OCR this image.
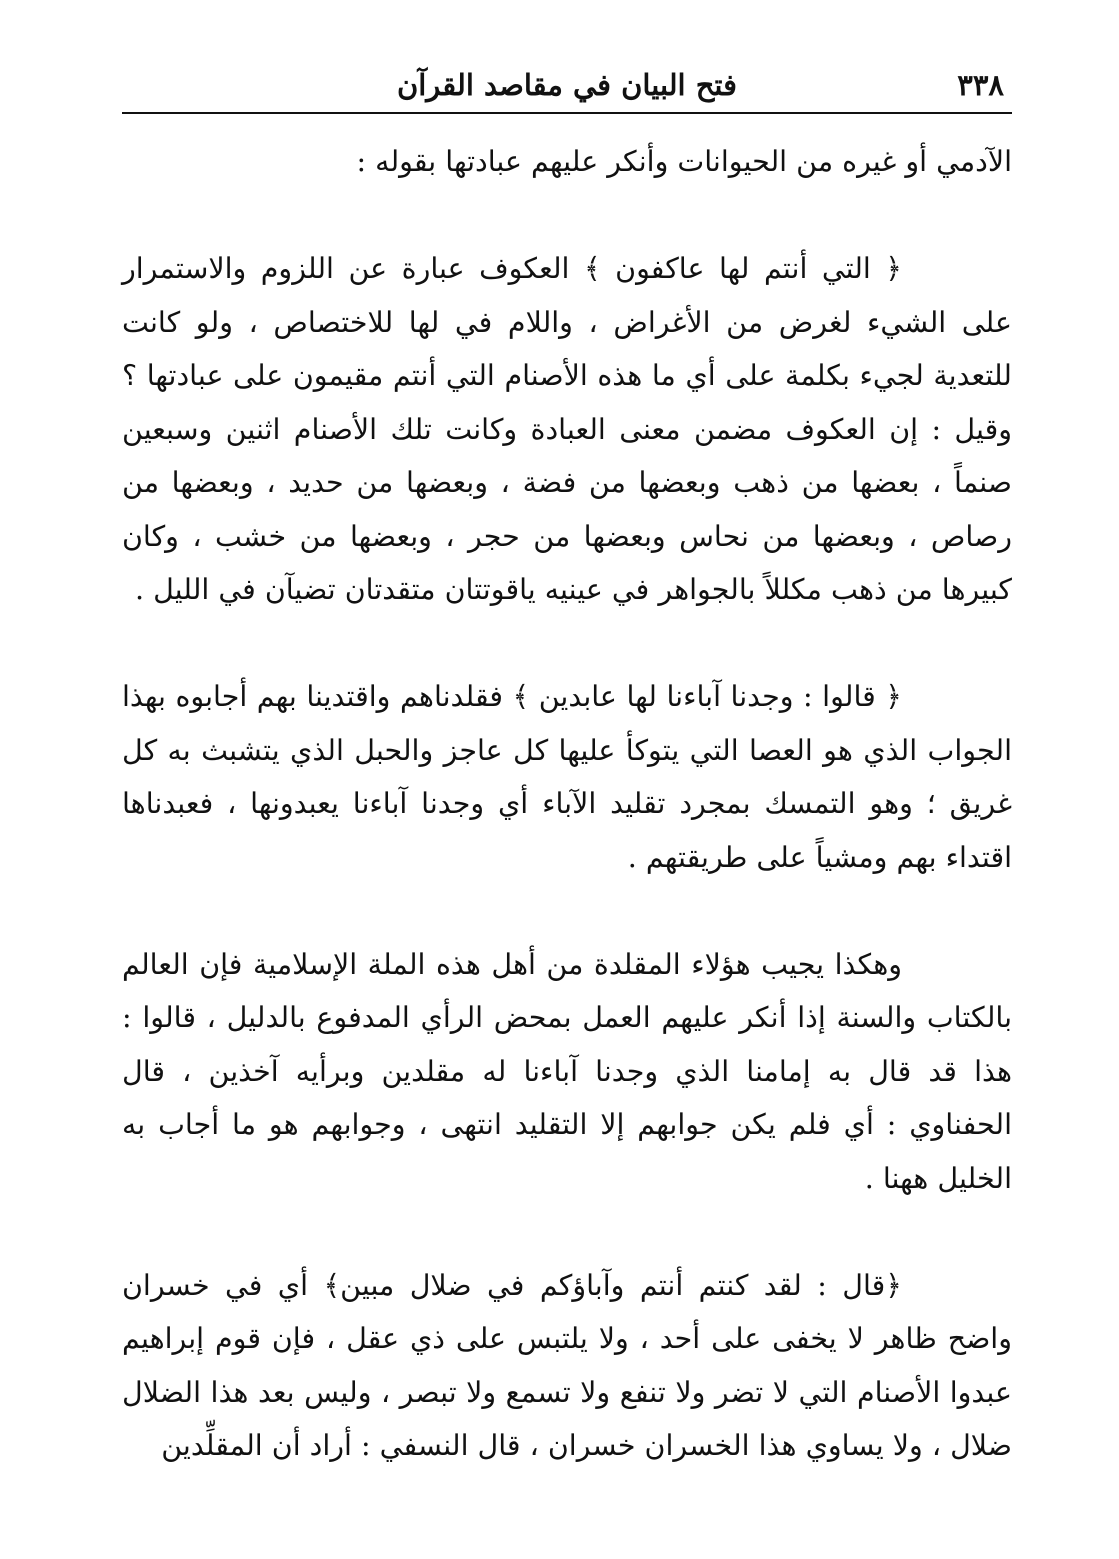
٣٣٨
فتح البيان في مقاصد القرآن

الآدمي أو غيره من الحيوانات وأنكر عليهم عبادتها بقوله :

﴿ التي أنتم لها عاكفون ﴾ العكوف عبارة عن اللزوم والاستمرار على الشيء لغرض من الأغراض ، واللام في لها للاختصاص ، ولو كانت للتعدية لجيء بكلمة على أي ما هذه الأصنام التي أنتم مقيمون على عبادتها ؟وقيل : إن العكوف مضمن معنى العبادة وكانت تلك الأصنام اثنين وسبعين صنماً ، بعضها من ذهب وبعضها من فضة ، وبعضها من حديد ، وبعضها من رصاص ، وبعضها من نحاس وبعضها من حجر ، وبعضها من خشب ، وكان كبيرها من ذهب مكللاً بالجواهر في عينيه ياقوتتان متقدتان تضيآن في الليل .

﴿ قالوا : وجدنا آباءنا لها عابدين ﴾ فقلدناهم واقتدينا بهم أجابوه بهذا الجواب الذي هو العصا التي يتوكأ عليها كل عاجز والحبل الذي يتشبث به كل غريق ؛ وهو التمسك بمجرد تقليد الآباء أي وجدنا آباءنا يعبدونها ، فعبدناها اقتداء بهم ومشياً على طريقتهم .

وهكذا يجيب هؤلاء المقلدة من أهل هذه الملة الإسلامية فإن العالم بالكتاب والسنة إذا أنكر عليهم العمل بمحض الرأي المدفوع بالدليل ، قالوا : هذا قد قال به إمامنا الذي وجدنا آباءنا له مقلدين وبرأيه آخذين ، قال الحفناوي : أي فلم يكن جوابهم إلا التقليد انتهى ، وجوابهم هو ما أجاب به الخليل ههنا .

﴿قال : لقد كنتم أنتم وآباؤكم في ضلال مبين﴾ أي في خسران واضح ظاهر لا يخفى على أحد ، ولا يلتبس على ذي عقل ، فإن قوم إبراهيم عبدوا الأصنام التي لا تضر ولا تنفع ولا تسمع ولا تبصر ، وليس بعد هذا الضلال ضلال ، ولا يساوي هذا الخسران خسران ، قال النسفي : أراد أن المقلِّدين
